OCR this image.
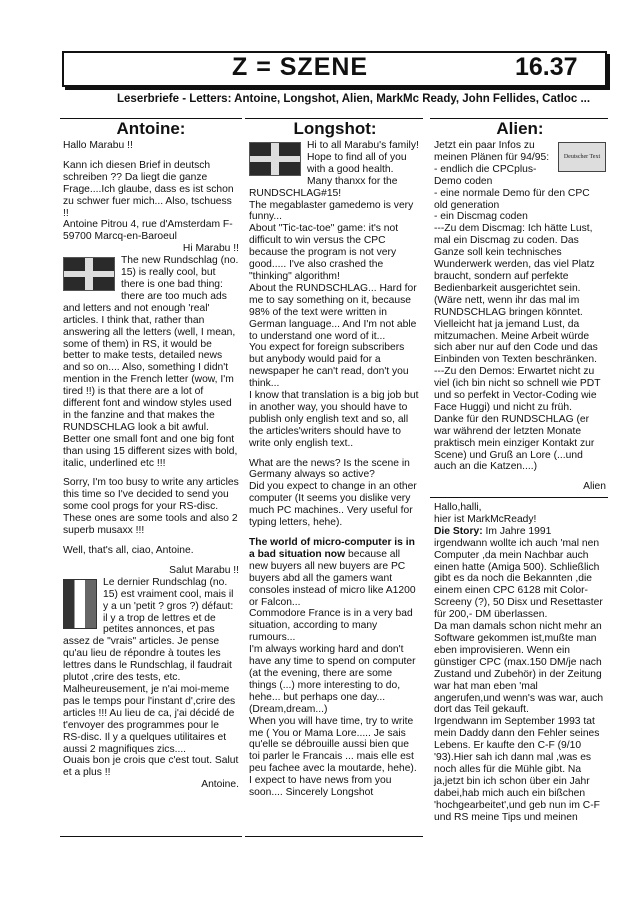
Z = SZENE	16.37
Leserbriefe - Letters: Antoine, Longshot, Alien, MarkMc Ready, John Fellides, Catloc ...

Antoine:

Hallo Marabu !!

Kann ich diesen Brief in deutsch schreiben ?? Da liegt die ganze Frage....Ich glaube, dass es ist schon zu schwer fuer mich... Also, tschuess !!

Antoine Pitrou 4, rue d'Amsterdam F-59700 Marcq-en-Baroeul

Hi Marabu !!

The new Rundschlag (no. 15) is really cool, but there is one bad thing: there are too much ads and letters and not enough 'real' articles. I think that, rather than answering all the letters (well, I mean, some of them) in RS, it would be better to make tests, detailed news and so on.... Also, something I didn't mention in the French letter (wow, I'm tired !!) is that there are a lot of different font and window styles used in the fanzine and that makes the RUNDSCHLAG look a bit awful. Better one small font and one big font than using 15 different sizes with bold, italic, underlined etc !!!

Sorry, I'm too busy to write any articles this time so I've decided to send you some cool progs for your RS-disc. These ones are some tools and also 2 superb musaxx !!!

Well, that's all, ciao, Antoine.

Salut Marabu !!

Le dernier Rundschlag (no. 15) est vraiment cool, mais il y a un 'petit ? gros ?) défaut: il y a trop de lettres et de petites annonces, et pas assez de "vrais" articles. Je pense qu'au lieu de répondre à toutes les lettres dans le Rundschlag, il faudrait plutot ,crire des tests, etc.

Malheureusement, je n'ai moi-meme pas le temps pour l'instant d',crire des articles !!! Au lieu de ca, j'ai décidé de t'envoyer des programmes pour le RS-disc. Il y a quelques utilitaires et aussi 2 magnifiques zics....

Ouais bon je crois que c'est tout. Salut et a plus !!

Antoine.

Longshot:

Hi to all Marabu's family! Hope to find all of you with a good health. Many thanxx for the RUNDSCHLAG#15!

The megablaster gamedemo is very funny...

About "Tic-tac-toe" game: it's not difficult to win versus the CPC because the program is not very good..... I've also crashed the "thinking" algorithm!

About the RUNDSCHLAG... Hard for me to say something on it, because 98% of the text were written in German language... And I'm not able to understand one word of it...

You expect for foreign subscribers but anybody would paid for a newspaper he can't read, don't you think...

I know that translation is a big job but in another way, you should have to publish only english text and so, all the articles'writers should have to write only english text..

What are the news? Is the scene in Germany always so active?

Did you expect to change in an other computer (It seems you dislike very much PC machines.. Very useful for typing letters, hehe).

The world of micro-computer is in a bad situation now because all new buyers all new buyers are PC buyers abd all the gamers want consoles instead of micro like A1200 or Falcon...

Commodore France is in a very bad situation, according to many rumours...

I'm always working hard and don't have any time to spend on computer (at the evening, there are some things (...) more interesting to do, hehe... but perhaps one day... (Dream,dream...)

When you will have time, try to write me ( You or Mama Lore..... Je sais qu'elle se débrouille aussi bien que toi parler le Francais ... mais elle est peu fachee avec la moutarde, hehe).

I expect to have news from you soon.... Sincerely Longshot

Alien:

Deutscher Text

Jetzt ein paar Infos zu meinen Plänen für 94/95:

- endlich die CPCplus-Demo coden

- eine normale Demo für den CPC old generation

- ein Discmag coden

---Zu dem Discmag: Ich hätte Lust, mal ein Discmag zu coden. Das Ganze soll kein technisches Wunderwerk werden, das viel Platz braucht, sondern auf perfekte Bedienbarkeit ausgerichtet sein. (Wäre nett, wenn ihr das mal im RUNDSCHLAG bringen könntet. Vielleicht hat ja jemand Lust, da mitzumachen. Meine Arbeit würde sich aber nur auf den Code und das Einbinden von Texten beschränken.

---Zu den Demos: Erwartet nicht zu viel (ich bin nicht so schnell wie PDT und so perfekt in Vector-Coding wie Face Huggi) und nicht zu früh.

Danke für den RUNDSCHLAG (er war während der letzten Monate praktisch mein einziger Kontakt zur Scene) und Gruß an Lore (...und auch an die Katzen....)

Alien

Hallo,halli,

hier ist MarkMcReady!

Die Story: Im Jahre 1991 irgendwann wollte ich auch 'mal nen Computer ,da mein Nachbar auch einen hatte (Amiga 500). Schließlich gibt es da noch die Bekannten ,die einem einen CPC 6128 mit Color-Screeny (?), 50 Disx und Resettaster für 200,- DM überlassen.

Da man damals schon nicht mehr an Software gekommen ist,mußte man eben improvisieren. Wenn ein günstiger CPC (max.150 DM/je nach Zustand und Zubehör) in der Zeitung war hat man eben 'mal angerufen,und wenn's was war, auch dort das Teil gekauft.

Irgendwann im September 1993 tat mein Daddy dann den Fehler seines Lebens. Er kaufte den C-F (9/10 '93).Hier sah ich dann mal ,was es noch alles für die Mühle gibt. Na ja,jetzt bin ich schon über ein Jahr dabei,hab mich auch ein bißchen 'hochgearbeitet',und geb nun im C-F und RS meine Tips und meinen
